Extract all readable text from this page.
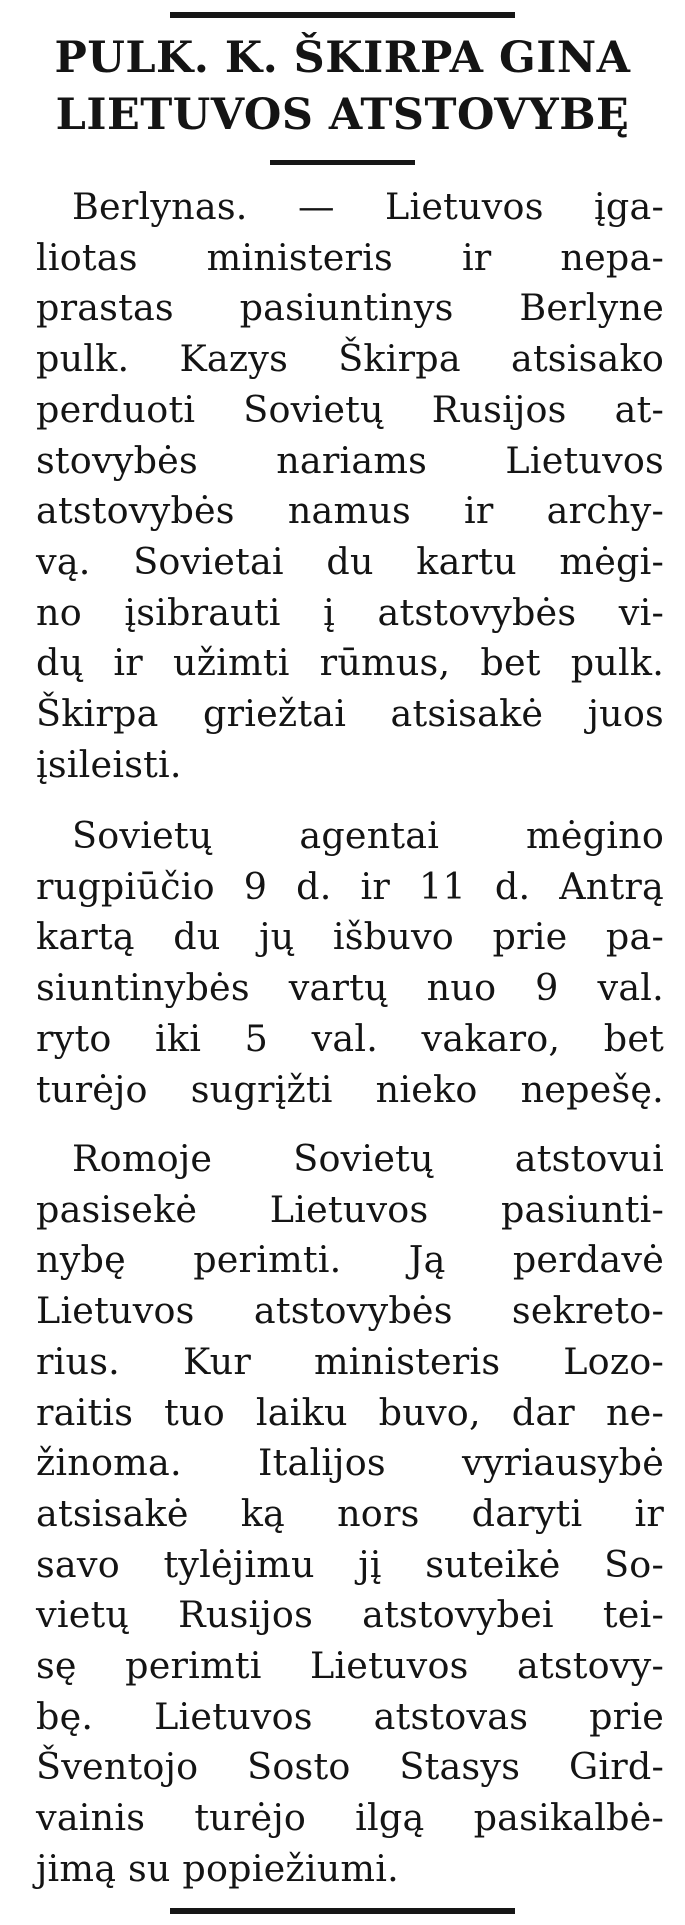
PULK. K. ŠKIRPA GINA
LIETUVOS ATSTOVYBĘ

Berlynas. — Lietuvos įga-
liotas ministeris ir nepa-
prastas pasiuntinys Berlyne
pulk. Kazys Škirpa atsisako
perduoti Sovietų Rusijos at-
stovybės nariams Lietuvos
atstovybės namus ir archy-
vą. Sovietai du kartu mėgi-
no įsibrauti į atstovybės vi-
dų ir užimti rūmus, bet pulk.
Škirpa griežtai atsisakė juos
įsileisti.

Sovietų agentai mėgino
rugpiūčio 9 d. ir 11 d. Antrą
kartą du jų išbuvo prie pa-
siuntinybės vartų nuo 9 val.
ryto iki 5 val. vakaro, bet
turėjo sugrįžti nieko nepešę.

Romoje Sovietų atstovui
pasisekė Lietuvos pasiunti-
nybę perimti. Ją perdavė
Lietuvos atstovybės sekreto-
rius. Kur ministeris Lozo-
raitis tuo laiku buvo, dar ne-
žinoma. Italijos vyriausybė
atsisakė ką nors daryti ir
savo tylėjimu jį suteikė So-
vietų Rusijos atstovybei tei-
sę perimti Lietuvos atstovy-
bę. Lietuvos atstovas prie
Šventojo Sosto Stasys Gird-
vainis turėjo ilgą pasikalbė-
jimą su popiežiumi.
